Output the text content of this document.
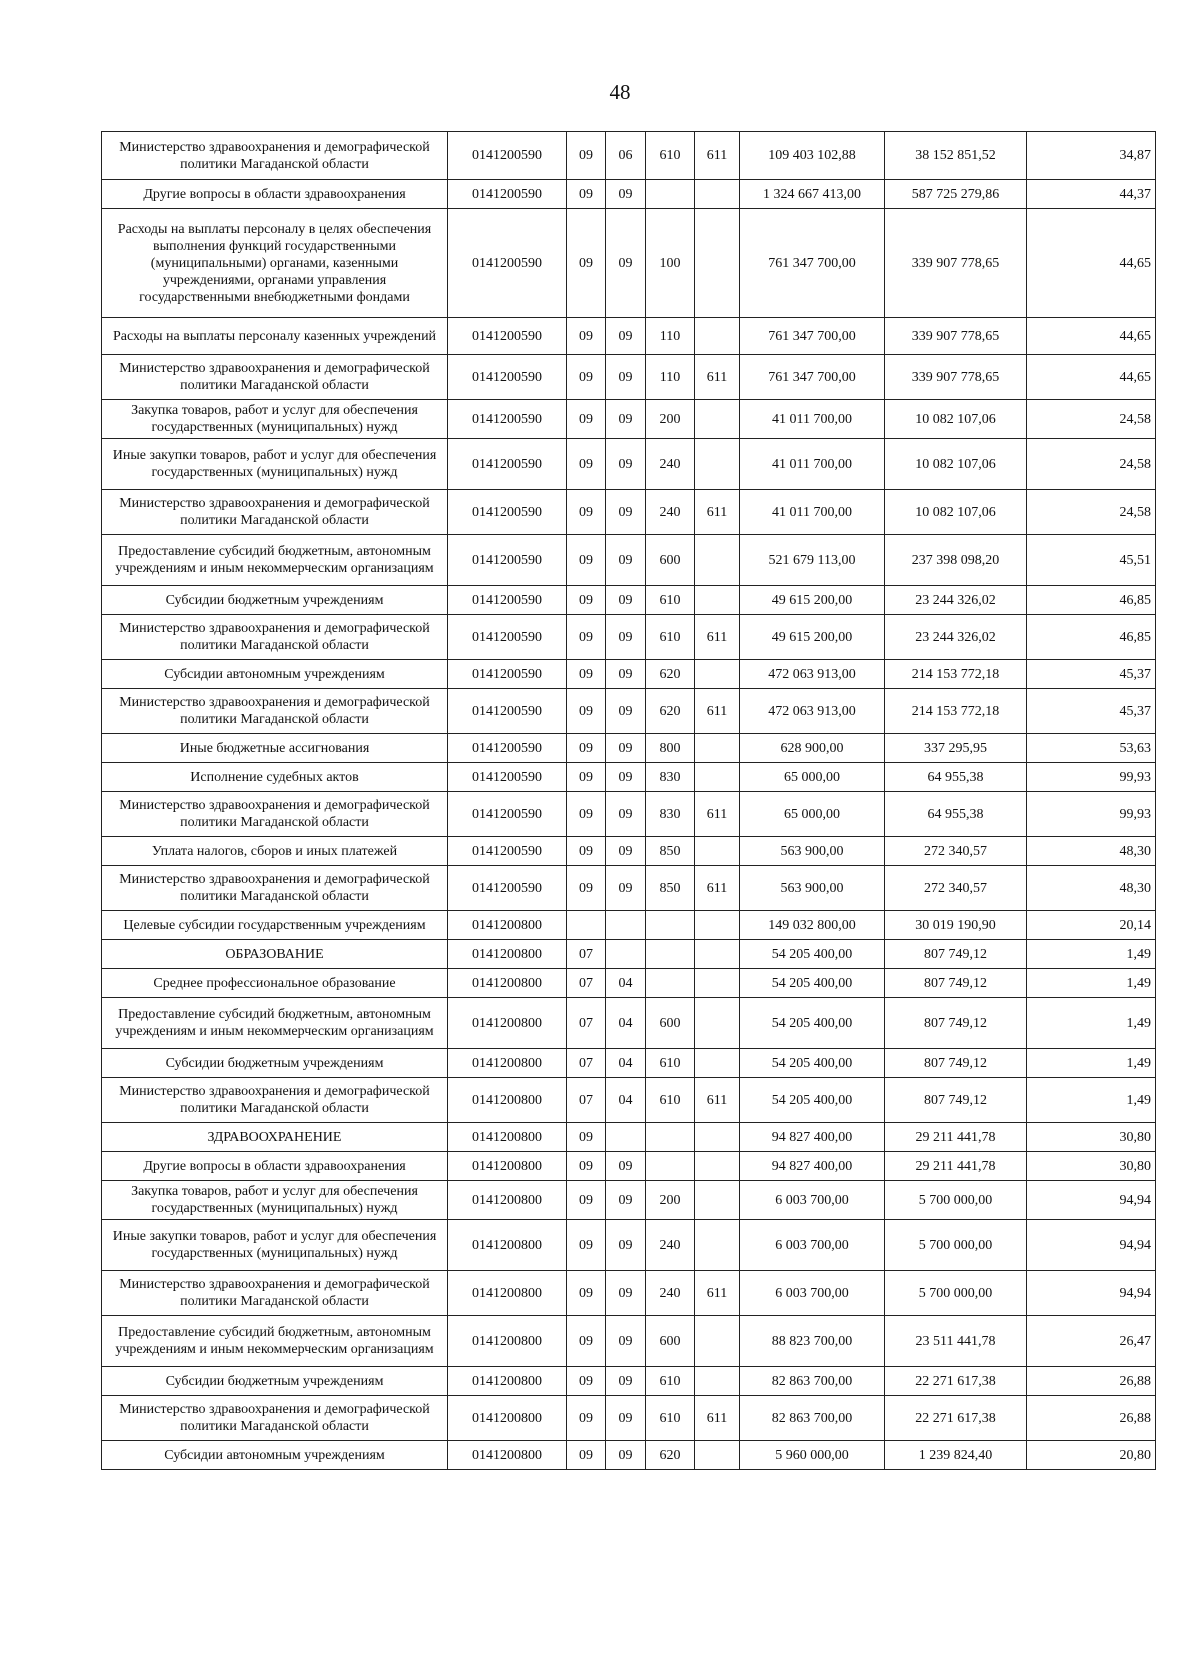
48
Министерство здравоохранения и демографической политики Магаданской области	0141200590	09	06	610	611	109 403 102,88	38 152 851,52	34,87
Другие вопросы в области здравоохранения	0141200590	09	09			1 324 667 413,00	587 725 279,86	44,37
Расходы на выплаты персоналу в целях обеспечения выполнения функций государственными (муниципальными) органами, казенными учреждениями, органами управления государственными внебюджетными фондами	0141200590	09	09	100		761 347 700,00	339 907 778,65	44,65
Расходы на выплаты персоналу казенных учреждений	0141200590	09	09	110		761 347 700,00	339 907 778,65	44,65
Министерство здравоохранения и демографической политики Магаданской области	0141200590	09	09	110	611	761 347 700,00	339 907 778,65	44,65
Закупка товаров, работ и услуг для обеспечения государственных (муниципальных) нужд	0141200590	09	09	200		41 011 700,00	10 082 107,06	24,58
Иные закупки товаров, работ и услуг для обеспечения государственных (муниципальных) нужд	0141200590	09	09	240		41 011 700,00	10 082 107,06	24,58
Министерство здравоохранения и демографической политики Магаданской области	0141200590	09	09	240	611	41 011 700,00	10 082 107,06	24,58
Предоставление субсидий бюджетным, автономным учреждениям и иным некоммерческим организациям	0141200590	09	09	600		521 679 113,00	237 398 098,20	45,51
Субсидии бюджетным учреждениям	0141200590	09	09	610		49 615 200,00	23 244 326,02	46,85
Министерство здравоохранения и демографической политики Магаданской области	0141200590	09	09	610	611	49 615 200,00	23 244 326,02	46,85
Субсидии автономным учреждениям	0141200590	09	09	620		472 063 913,00	214 153 772,18	45,37
Министерство здравоохранения и демографической политики Магаданской области	0141200590	09	09	620	611	472 063 913,00	214 153 772,18	45,37
Иные бюджетные ассигнования	0141200590	09	09	800		628 900,00	337 295,95	53,63
Исполнение судебных актов	0141200590	09	09	830		65 000,00	64 955,38	99,93
Министерство здравоохранения и демографической политики Магаданской области	0141200590	09	09	830	611	65 000,00	64 955,38	99,93
Уплата налогов, сборов и иных платежей	0141200590	09	09	850		563 900,00	272 340,57	48,30
Министерство здравоохранения и демографической политики Магаданской области	0141200590	09	09	850	611	563 900,00	272 340,57	48,30
Целевые субсидии государственным учреждениям	0141200800					149 032 800,00	30 019 190,90	20,14
ОБРАЗОВАНИЕ	0141200800	07				54 205 400,00	807 749,12	1,49
Среднее профессиональное образование	0141200800	07	04			54 205 400,00	807 749,12	1,49
Предоставление субсидий бюджетным, автономным учреждениям и иным некоммерческим организациям	0141200800	07	04	600		54 205 400,00	807 749,12	1,49
Субсидии бюджетным учреждениям	0141200800	07	04	610		54 205 400,00	807 749,12	1,49
Министерство здравоохранения и демографической политики Магаданской области	0141200800	07	04	610	611	54 205 400,00	807 749,12	1,49
ЗДРАВООХРАНЕНИЕ	0141200800	09				94 827 400,00	29 211 441,78	30,80
Другие вопросы в области здравоохранения	0141200800	09	09			94 827 400,00	29 211 441,78	30,80
Закупка товаров, работ и услуг для обеспечения государственных (муниципальных) нужд	0141200800	09	09	200		6 003 700,00	5 700 000,00	94,94
Иные закупки товаров, работ и услуг для обеспечения государственных (муниципальных) нужд	0141200800	09	09	240		6 003 700,00	5 700 000,00	94,94
Министерство здравоохранения и демографической политики Магаданской области	0141200800	09	09	240	611	6 003 700,00	5 700 000,00	94,94
Предоставление субсидий бюджетным, автономным учреждениям и иным некоммерческим организациям	0141200800	09	09	600		88 823 700,00	23 511 441,78	26,47
Субсидии бюджетным учреждениям	0141200800	09	09	610		82 863 700,00	22 271 617,38	26,88
Министерство здравоохранения и демографической политики Магаданской области	0141200800	09	09	610	611	82 863 700,00	22 271 617,38	26,88
Субсидии автономным учреждениям	0141200800	09	09	620		5 960 000,00	1 239 824,40	20,80
